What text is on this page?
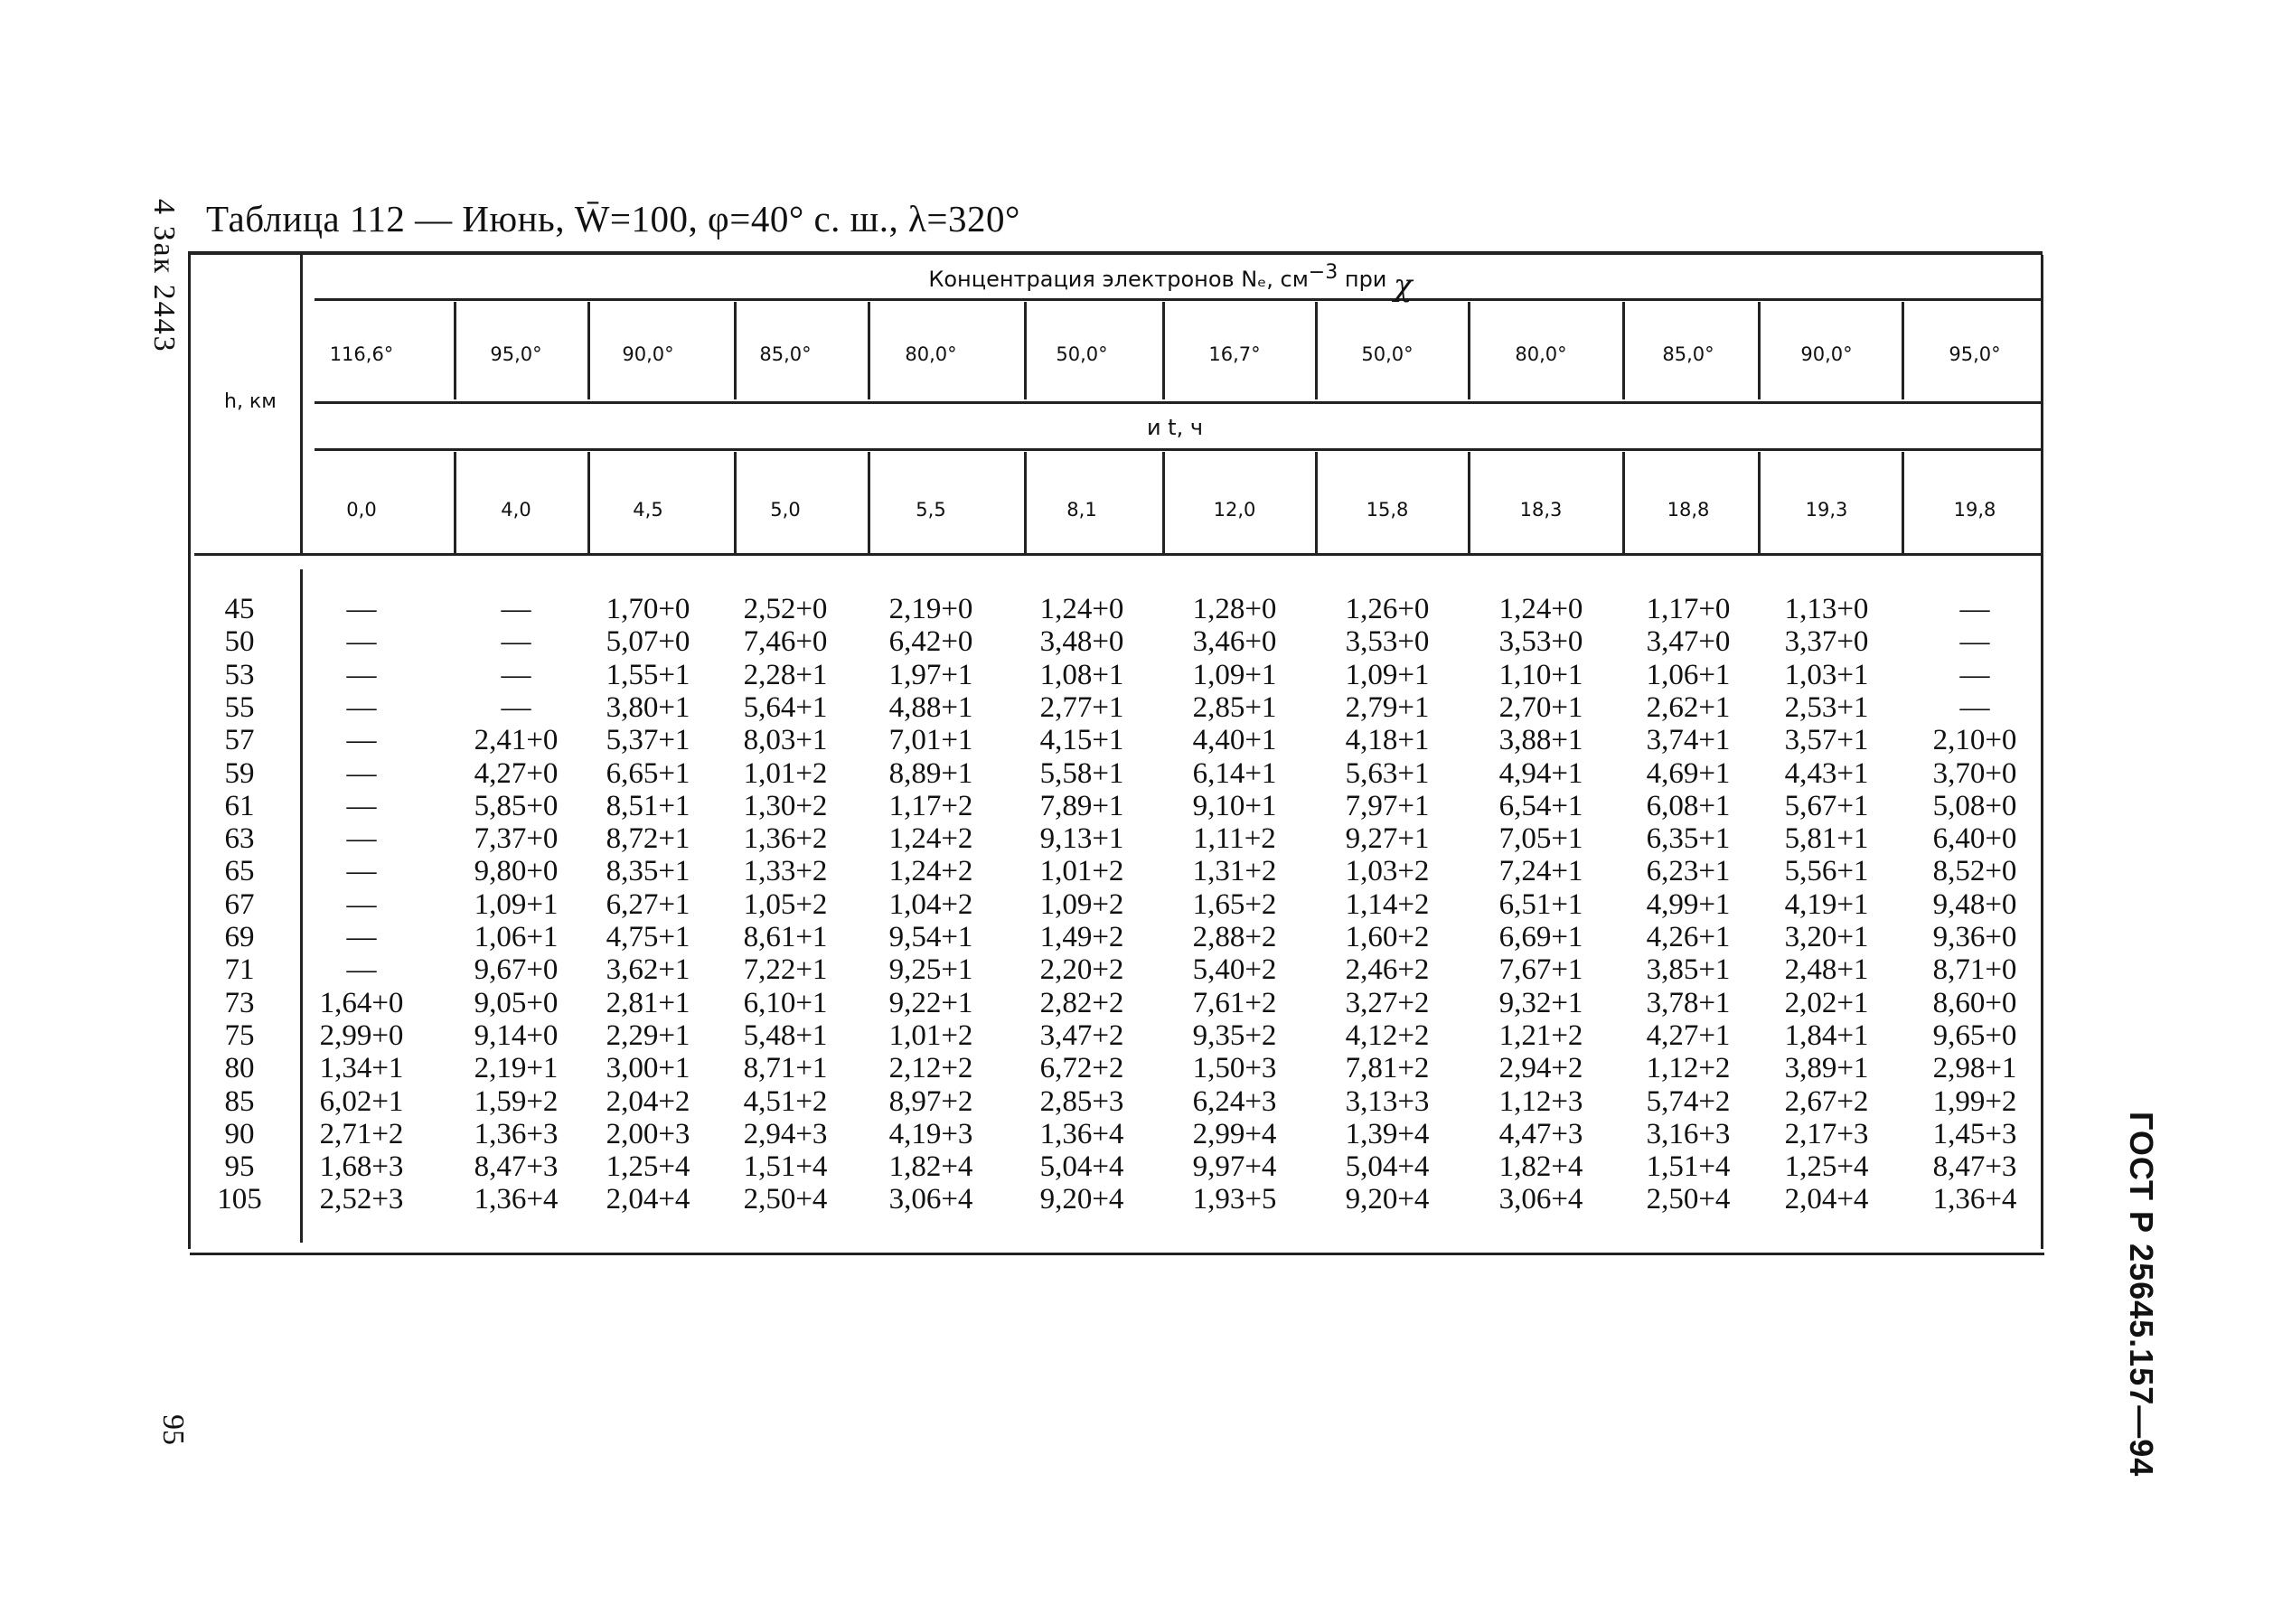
4 Зак 2443
95	ГОСТ Р 25645.157—94
Таблица 112 — Июнь, W̄=100, φ=40° с. ш., λ=320°
h, км
Концентрация электронов Nₑ, $см^{-3}$ при χ
и t, ч
116,6°	95,0°	90,0°	85,0°	80,0°	50,0°	16,7°	50,0°	80,0°	85,0°	90,0°	95,0°
0,0	4,0	4,5	5,0	5,5	8,1	12,0	15,8	18,3	18,8	19,3	19,8
45	—	—	1,70+0	2,52+0	2,19+0	1,24+0	1,28+0	1,26+0	1,24+0	1,17+0	1,13+0	—
50	—	—	5,07+0	7,46+0	6,42+0	3,48+0	3,46+0	3,53+0	3,53+0	3,47+0	3,37+0	—
53	—	—	1,55+1	2,28+1	1,97+1	1,08+1	1,09+1	1,09+1	1,10+1	1,06+1	1,03+1	—
55	—	—	3,80+1	5,64+1	4,88+1	2,77+1	2,85+1	2,79+1	2,70+1	2,62+1	2,53+1	—
57	—	2,41+0	5,37+1	8,03+1	7,01+1	4,15+1	4,40+1	4,18+1	3,88+1	3,74+1	3,57+1	2,10+0
59	—	4,27+0	6,65+1	1,01+2	8,89+1	5,58+1	6,14+1	5,63+1	4,94+1	4,69+1	4,43+1	3,70+0
61	—	5,85+0	8,51+1	1,30+2	1,17+2	7,89+1	9,10+1	7,97+1	6,54+1	6,08+1	5,67+1	5,08+0
63	—	7,37+0	8,72+1	1,36+2	1,24+2	9,13+1	1,11+2	9,27+1	7,05+1	6,35+1	5,81+1	6,40+0
65	—	9,80+0	8,35+1	1,33+2	1,24+2	1,01+2	1,31+2	1,03+2	7,24+1	6,23+1	5,56+1	8,52+0
67	—	1,09+1	6,27+1	1,05+2	1,04+2	1,09+2	1,65+2	1,14+2	6,51+1	4,99+1	4,19+1	9,48+0
69	—	1,06+1	4,75+1	8,61+1	9,54+1	1,49+2	2,88+2	1,60+2	6,69+1	4,26+1	3,20+1	9,36+0
71	—	9,67+0	3,62+1	7,22+1	9,25+1	2,20+2	5,40+2	2,46+2	7,67+1	3,85+1	2,48+1	8,71+0
73	1,64+0	9,05+0	2,81+1	6,10+1	9,22+1	2,82+2	7,61+2	3,27+2	9,32+1	3,78+1	2,02+1	8,60+0
75	2,99+0	9,14+0	2,29+1	5,48+1	1,01+2	3,47+2	9,35+2	4,12+2	1,21+2	4,27+1	1,84+1	9,65+0
80	1,34+1	2,19+1	3,00+1	8,71+1	2,12+2	6,72+2	1,50+3	7,81+2	2,94+2	1,12+2	3,89+1	2,98+1
85	6,02+1	1,59+2	2,04+2	4,51+2	8,97+2	2,85+3	6,24+3	3,13+3	1,12+3	5,74+2	2,67+2	1,99+2
90	2,71+2	1,36+3	2,00+3	2,94+3	4,19+3	1,36+4	2,99+4	1,39+4	4,47+3	3,16+3	2,17+3	1,45+3
95	1,68+3	8,47+3	1,25+4	1,51+4	1,82+4	5,04+4	9,97+4	5,04+4	1,82+4	1,51+4	1,25+4	8,47+3
105	2,52+3	1,36+4	2,04+4	2,50+4	3,06+4	9,20+4	1,93+5	9,20+4	3,06+4	2,50+4	2,04+4	1,36+4
